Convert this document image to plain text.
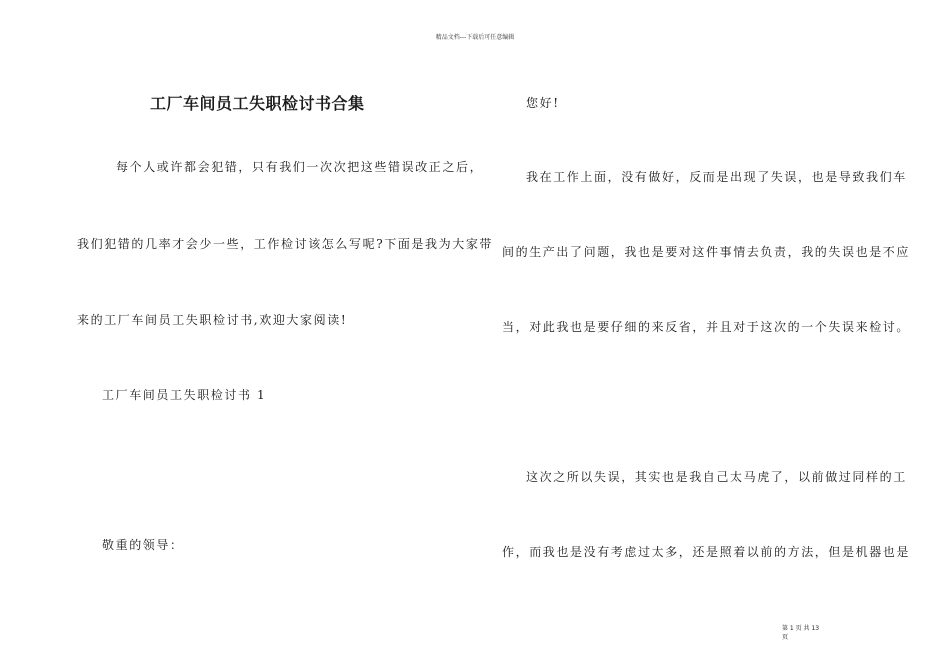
精品文档---下载后可任意编辑
工厂车间员工失职检讨书合集
每个人或许都会犯错，只有我们一次次把这些错误改正之后，
我们犯错的几率才会少一些，工作检讨该怎么写呢?下面是我为大家带
来的工厂车间员工失职检讨书,欢迎大家阅读!
工厂车间员工失职检讨书 1
敬重的领导：
您好!
我在工作上面，没有做好，反而是出现了失误，也是导致我们车
间的生产出了问题，我也是要对这件事情去负责，我的失误也是不应
当，对此我也是要仔细的来反省，并且对于这次的一个失误来检讨。
这次之所以失误，其实也是我自己太马虎了，以前做过同样的工
作，而我也是没有考虑过太多，还是照着以前的方法，但是机器也是
第 1 页 共 13
页
